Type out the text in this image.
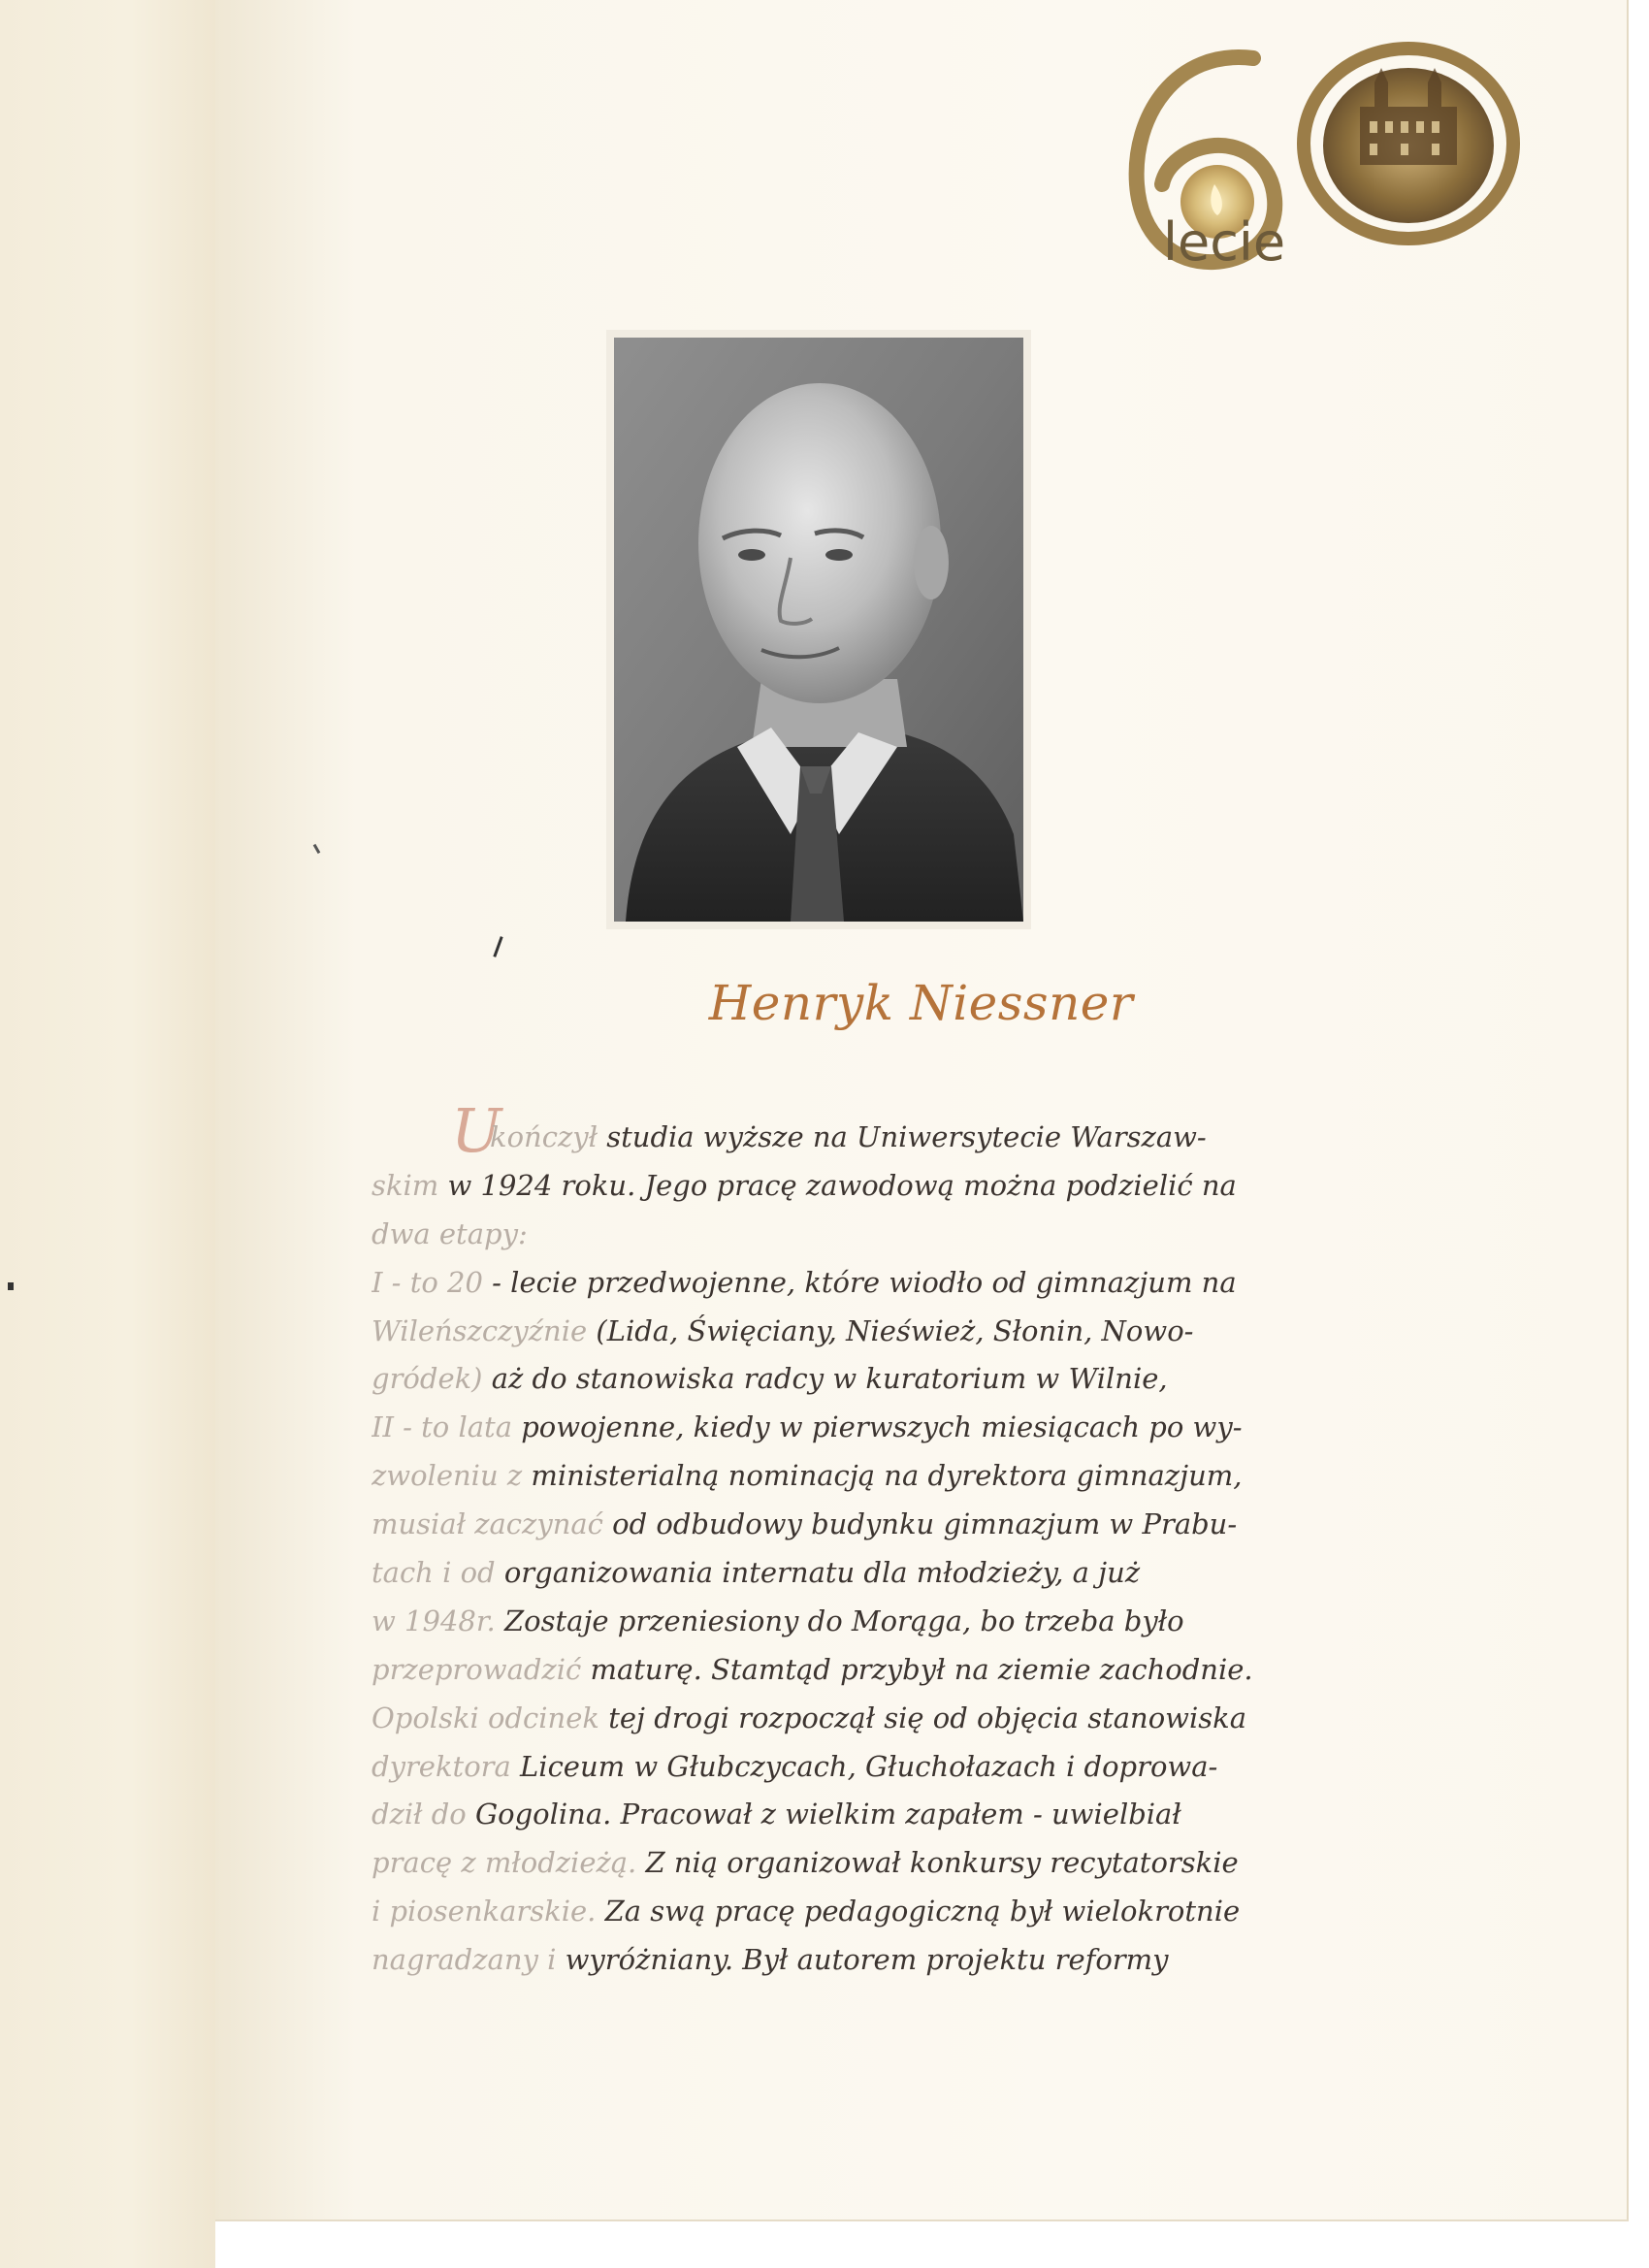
lecie
Henryk Niessner
U
kończył studia wyższe na Uniwersytecie Warszaw-
skim w 1924 roku. Jego pracę zawodową można podzielić na
dwa etapy:
I - to 20 - lecie przedwojenne, które wiodło od gimnazjum na
Wileńszczyźnie (Lida, Święciany, Nieśwież, Słonin, Nowo-
gródek) aż do stanowiska radcy w kuratorium w Wilnie,
II - to lata powojenne, kiedy w pierwszych miesiącach po wy-
zwoleniu z ministerialną nominacją na dyrektora gimnazjum,
musiał zaczynać od odbudowy budynku gimnazjum w Prabu-
tach i od organizowania internatu dla młodzieży, a już
w 1948r. Zostaje przeniesiony do Morąga, bo trzeba było
przeprowadzić maturę. Stamtąd przybył na ziemie zachodnie.
Opolski odcinek tej drogi rozpoczął się od objęcia stanowiska
dyrektora Liceum w Głubczycach, Głuchołazach i doprowa-
dził do Gogolina. Pracował z wielkim zapałem - uwielbiał
pracę z młodzieżą. Z nią organizował konkursy recytatorskie
i piosenkarskie. Za swą pracę pedagogiczną był wielokrotnie
nagradzany i wyróżniany. Był autorem projektu reformy
